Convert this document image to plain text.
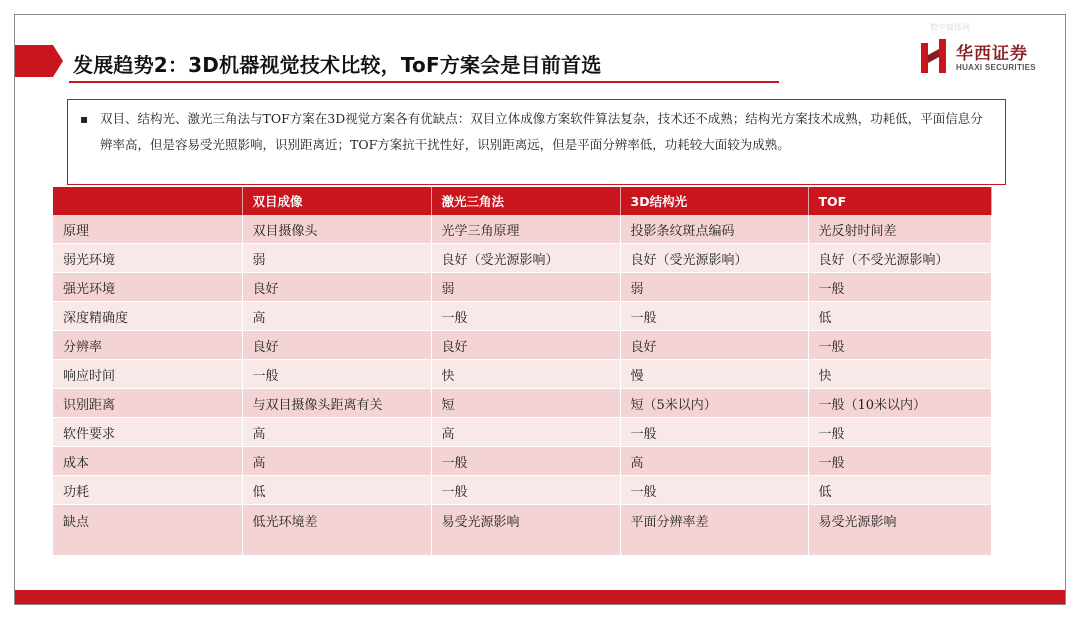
发展趋势2：3D机器视觉技术比较，ToF方案会是目前首选
数字媒体网
华西证券
HUAXI SECURITIES
▪ 双目、结构光、激光三角法与TOF方案在3D视觉方案各有优缺点：双目立体成像方案软件算法复杂，技术还不成熟；结构光方案技术成熟，功耗低，平面信息分辨率高，但是容易受光照影响，识别距离近；TOF方案抗干扰性好，识别距离远，但是平面分辨率低，功耗较大面较为成熟。
	双目成像	激光三角法	3D结构光	TOF
原理	双目摄像头	光学三角原理	投影条纹斑点编码	光反射时间差
弱光环境	弱	良好（受光源影响）	良好（受光源影响）	良好（不受光源影响）
强光环境	良好	弱	弱	一般
深度精确度	高	一般	一般	低
分辨率	良好	良好	良好	一般
响应时间	一般	快	慢	快
识别距离	与双目摄像头距离有关	短	短（5米以内）	一般（10米以内）
软件要求	高	高	一般	一般
成本	高	一般	高	一般
功耗	低	一般	一般	低
缺点	低光环境差	易受光源影响	平面分辨率差	易受光源影响
